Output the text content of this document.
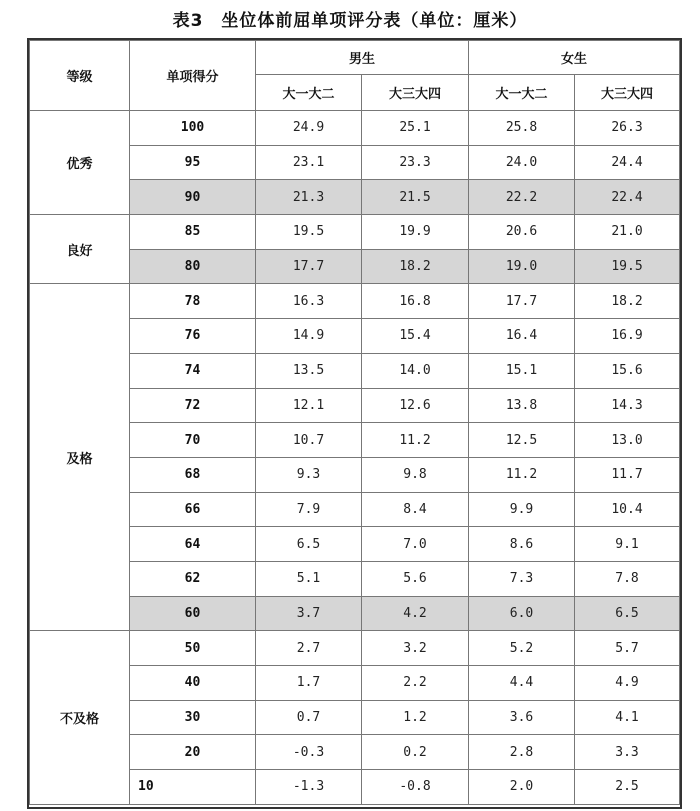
表3　坐位体前屈单项评分表（单位：厘米）
等级	单项得分	男生		女生	
		大一大二	大三大四	大一大二	大三大四
优秀	100	24.9	25.1	25.8	26.3
	95	23.1	23.3	24.0	24.4
	90	21.3	21.5	22.2	22.4
良好	85	19.5	19.9	20.6	21.0
	80	17.7	18.2	19.0	19.5
及格	78	16.3	16.8	17.7	18.2
	76	14.9	15.4	16.4	16.9
	74	13.5	14.0	15.1	15.6
	72	12.1	12.6	13.8	14.3
	70	10.7	11.2	12.5	13.0
	68	9.3	9.8	11.2	11.7
	66	7.9	8.4	9.9	10.4
	64	6.5	7.0	8.6	9.1
	62	5.1	5.6	7.3	7.8
	60	3.7	4.2	6.0	6.5
不及格	50	2.7	3.2	5.2	5.7
	40	1.7	2.2	4.4	4.9
	30	0.7	1.2	3.6	4.1
	20	-0.3	0.2	2.8	3.3
	10	-1.3	-0.8	2.0	2.5
